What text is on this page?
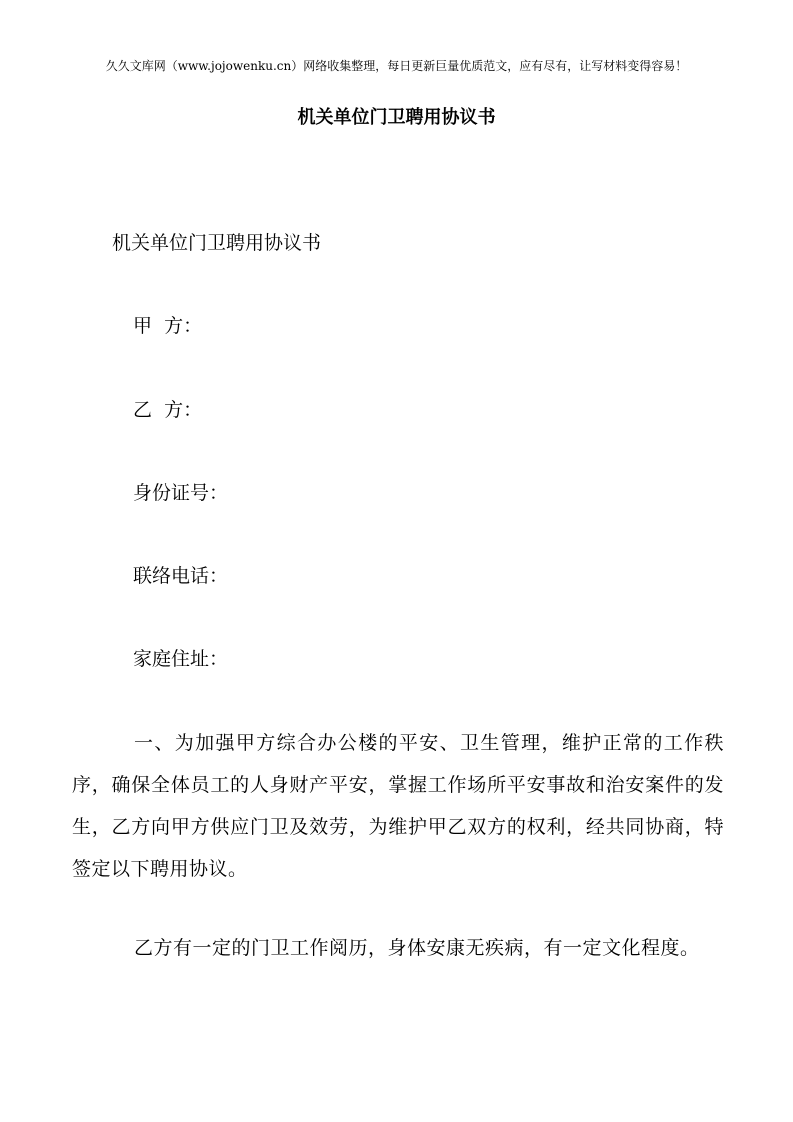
久久文库网（www.jojowenku.cn）网络收集整理，每日更新巨量优质范文，应有尽有，让写材料变得容易！
机关单位门卫聘用协议书
机关单位门卫聘用协议书
甲  方：
乙  方：
身份证号：
联络电话：
家庭住址：
一、为加强甲方综合办公楼的平安、卫生管理，维护正常的工作秩序，确保全体员工的人身财产平安，掌握工作场所平安事故和治安案件的发生，乙方向甲方供应门卫及效劳，为维护甲乙双方的权利，经共同协商，特签定以下聘用协议。
乙方有一定的门卫工作阅历，身体安康无疾病，有一定文化程度。
